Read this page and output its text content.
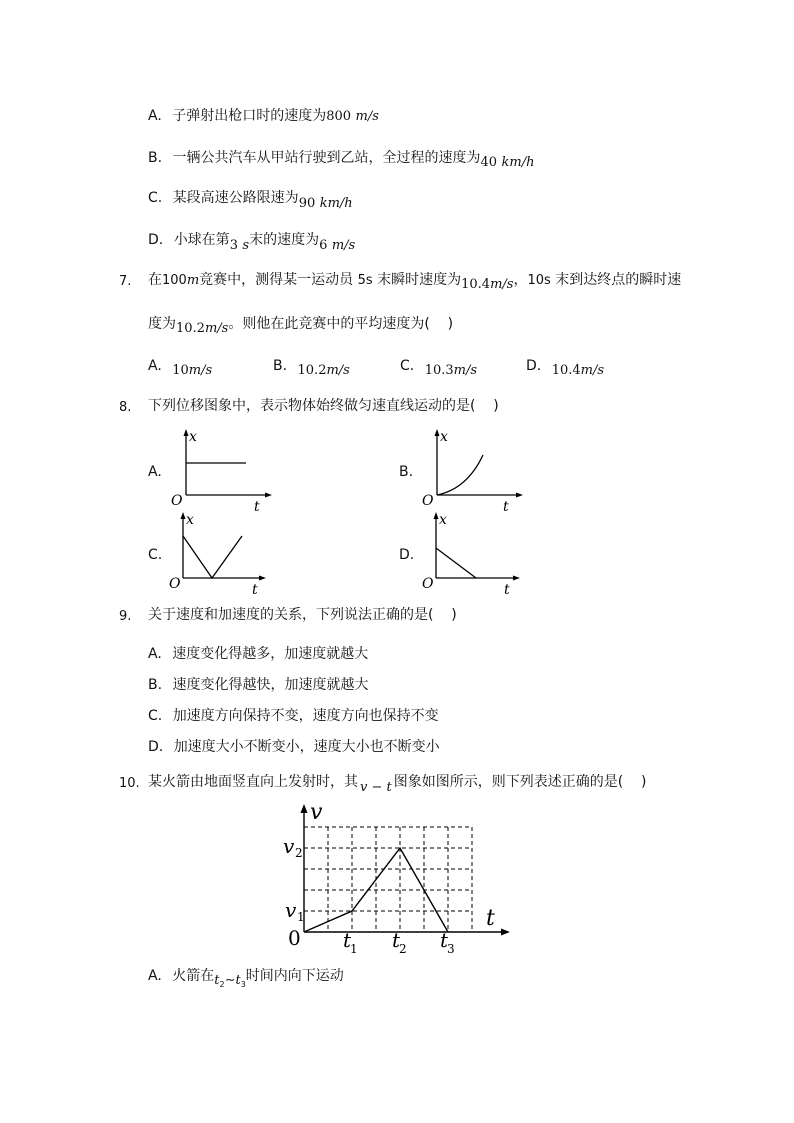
A. 子弹射出枪口时的速度为800 m/s
B. 一辆公共汽车从甲站行驶到乙站，全过程的速度为40 km/h
C. 某段高速公路限速为90 km/h
D. 小球在第3 s末的速度为6 m/s
7. 在100m竞赛中，测得某一运动员 5s 末瞬时速度为10.4m/s，10s 末到达终点的瞬时速
度为10.2m/s。则他在此竞赛中的平均速度为(    )
A. 10m/s	B. 10.2m/s	C. 10.3m/s	D. 10.4m/s
8. 下列位移图象中，表示物体始终做匀速直线运动的是(    )
A.
x
t
O
B.
x
t
O
C.
x
t
O
D.
x
t
O
9. 关于速度和加速度的关系，下列说法正确的是(    )
A. 速度变化得越多，加速度就越大
B. 速度变化得越快，加速度就越大
C. 加速度方向保持不变，速度方向也保持不变
D. 加速度大小不断变小，速度大小也不断变小
10. 某火箭由地面竖直向上发射时，其 v − t 图象如图所示，则下列表述正确的是(    )
v
t
0
v 2
v 1
t
1 t
2 t
3
A. 火箭在$t_2\sim t_3$时间内向下运动
